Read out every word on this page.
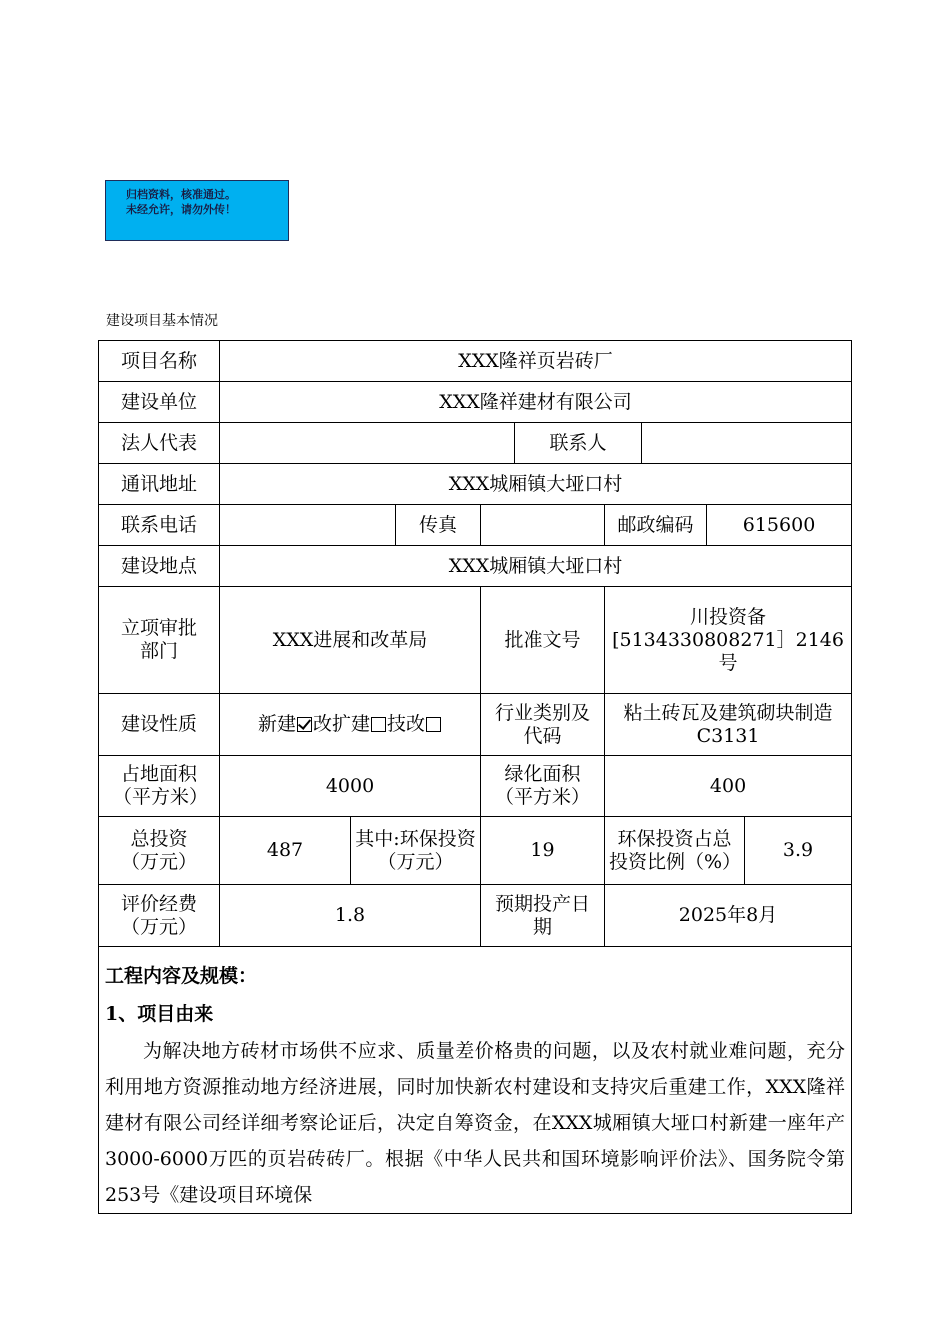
归档资料，核准通过。
未经允许，请勿外传！
建设项目基本情况
项目名称	XXX隆祥页岩砖厂								
建设单位	XXX隆祥建材有限公司								
法人代表					联系人				
通讯地址	XXX城厢镇大垭口村								
联系电话			传真			邮政编码		615600	
建设地点	XXX城厢镇大垭口村								
立项审批部门	XXX进展和改革局			批准文号		川投资备[5134330808271］2146号			
建设性质	新建 改扩建 技改			行业类别及代码		粘土砖瓦及建筑砌块制造C3131			
占地面积（平方米）	4000			绿化面积（平方米）		400			
总投资（万元）	487	其中:环保投资（万元）		19		环保投资占总投资比例（%）			3.9
评价经费（万元）	1.8			预期投产日期		2025年8月			

工程内容及规模：
1、项目由来

为解决地方砖材市场供不应求、质量差价格贵的问题，以及农村就业难问题，充分利用地方资源推动地方经济进展，同时加快新农村建设和支持灾后重建工作，XXX隆祥建材有限公司经详细考察论证后，决定自筹资金，在XXX城厢镇大垭口村新建一座年产3000-6000万匹的页岩砖砖厂。根据《中华人民共和国环境影响评价法》、国务院令第253号《建设项目环境保									
